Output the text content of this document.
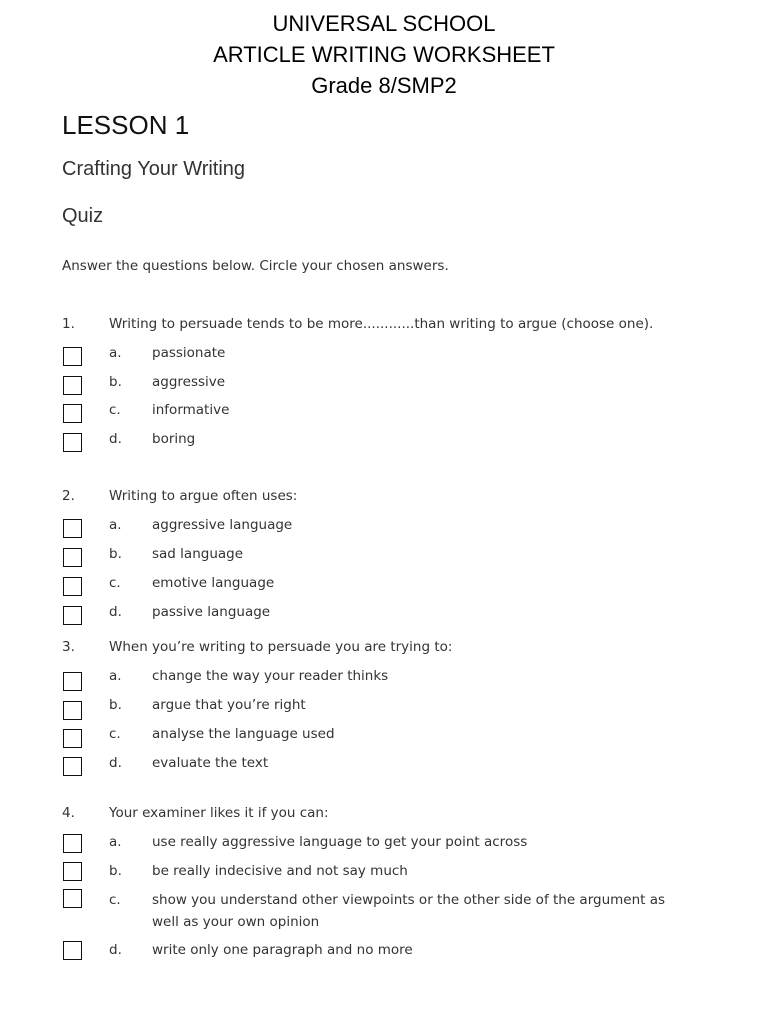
UNIVERSAL SCHOOL
ARTICLE WRITING WORKSHEET
Grade 8/SMP2
LESSON 1
Crafting Your Writing
Quiz
Answer the questions below. Circle your chosen answers.
1.	Writing to persuade tends to be more............than writing to argue (choose one).
a. passionate
b. aggressive
c. informative
d. boring
2.	Writing to argue often uses:
a. aggressive language
b. sad language
c. emotive language
d. passive language
3.	When you’re writing to persuade you are trying to:
a. change the way your reader thinks
b. argue that you’re right
c. analyse the language used
d. evaluate the text
4.	Your examiner likes it if you can:
a. use really aggressive language to get your point across
b. be really indecisive and not say much
c. show you understand other viewpoints or the other side of the argument as well as your own opinion
d. write only one paragraph and no more
